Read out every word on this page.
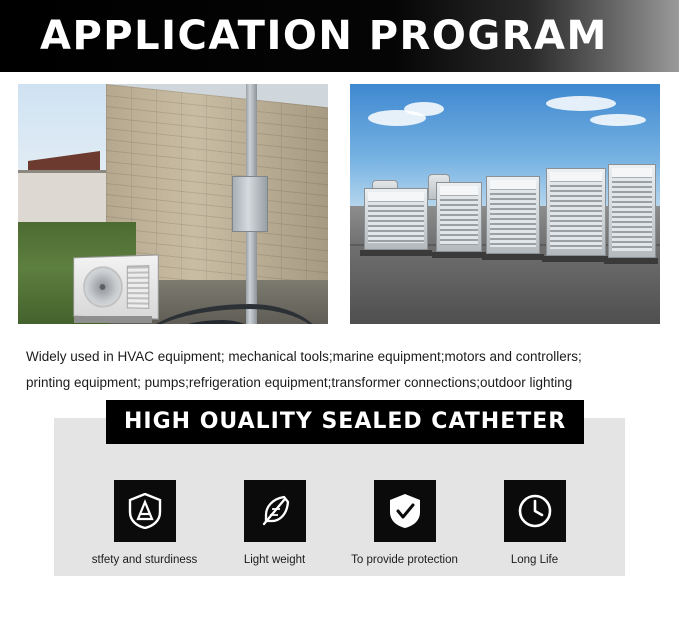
APPLICATION PROGRAM
Widely used in HVAC equipment; mechanical tools;marine equipment;motors and controllers;
printing equipment; pumps;refrigeration equipment;transformer connections;outdoor lighting
HIGH OUALITY SEALED CATHETER
stfety and sturdiness	Light weight	To provide protection	Long Life
